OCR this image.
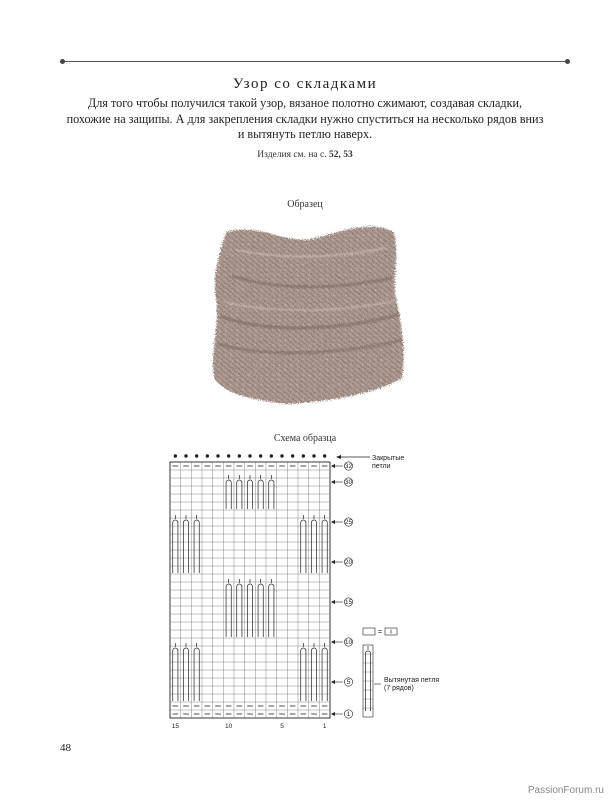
Узор со складками
Для того чтобы получился такой узор, вязаное полотно сжимают, создавая складки, похожие на защипы. А для закрепления складки нужно спуститься на несколько рядов вниз и вытянуть петлю наверх.
Изделия см. на с. 52, 53
Образец
Схема образца
32
30
25
20
15
10
5
1
15	10	5	1
Закрытые
петли
=
Вытянутая петля
(7 рядов)
48
PassionForum.ru
